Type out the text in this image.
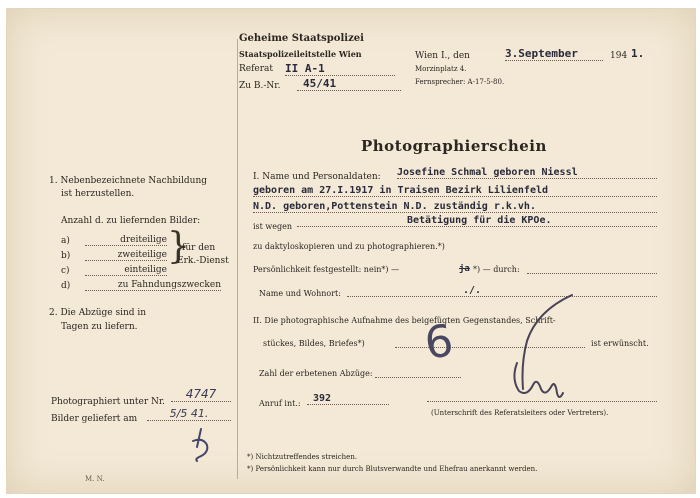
Geheime Staatspolizei
Staatspolizeileitstelle Wien
Referat II A-1
Zu B.-Nr.	45/41
Wien I., den	3.September	194 1.
Morzinplatz 4.
Fernsprecher: A-17-5-80.
Photographierschein
1. Nebenbezeichnete Nachbildung
ist herzustellen.
Anzahl d. zu liefernden Bilder:
a)	dreiteilige
b)	zweiteilige
c)	einteilige
d)	zu Fahndungszwecken
}
für den
Erk.-Dienst
2. Die Abzüge sind in
Tagen zu liefern.
Photographiert unter Nr.
4747
Bilder geliefert am	5/5 41.
M. N.
I. Name und Personaldaten: Josefine Schmal geboren Niessl
geboren am 27.I.1917 in Traisen Bezirk Lilienfeld
N.D. geboren,Pottenstein N.D. zuständig r.k.vh.
ist wegen
Betätigung für die KPOe.
zu daktyloskopieren und zu photographieren.*)
Persönlichkeit festgestellt: nein*) —	ja *) — durch:
Name und Wohnort:	./.
II. Die photographische Aufnahme des beigefügten Gegenstandes, Schrift-
stückes, Bildes, Briefes*)	ist erwünscht.
Zahl der erbetenen Abzüge:
6
Anruf int.:	392
(Unterschrift des Referatsleiters oder Vertreters).
*) Nichtzutreffendes streichen.
*) Persönlichkeit kann nur durch Blutsverwandte und Ehefrau anerkannt werden.
